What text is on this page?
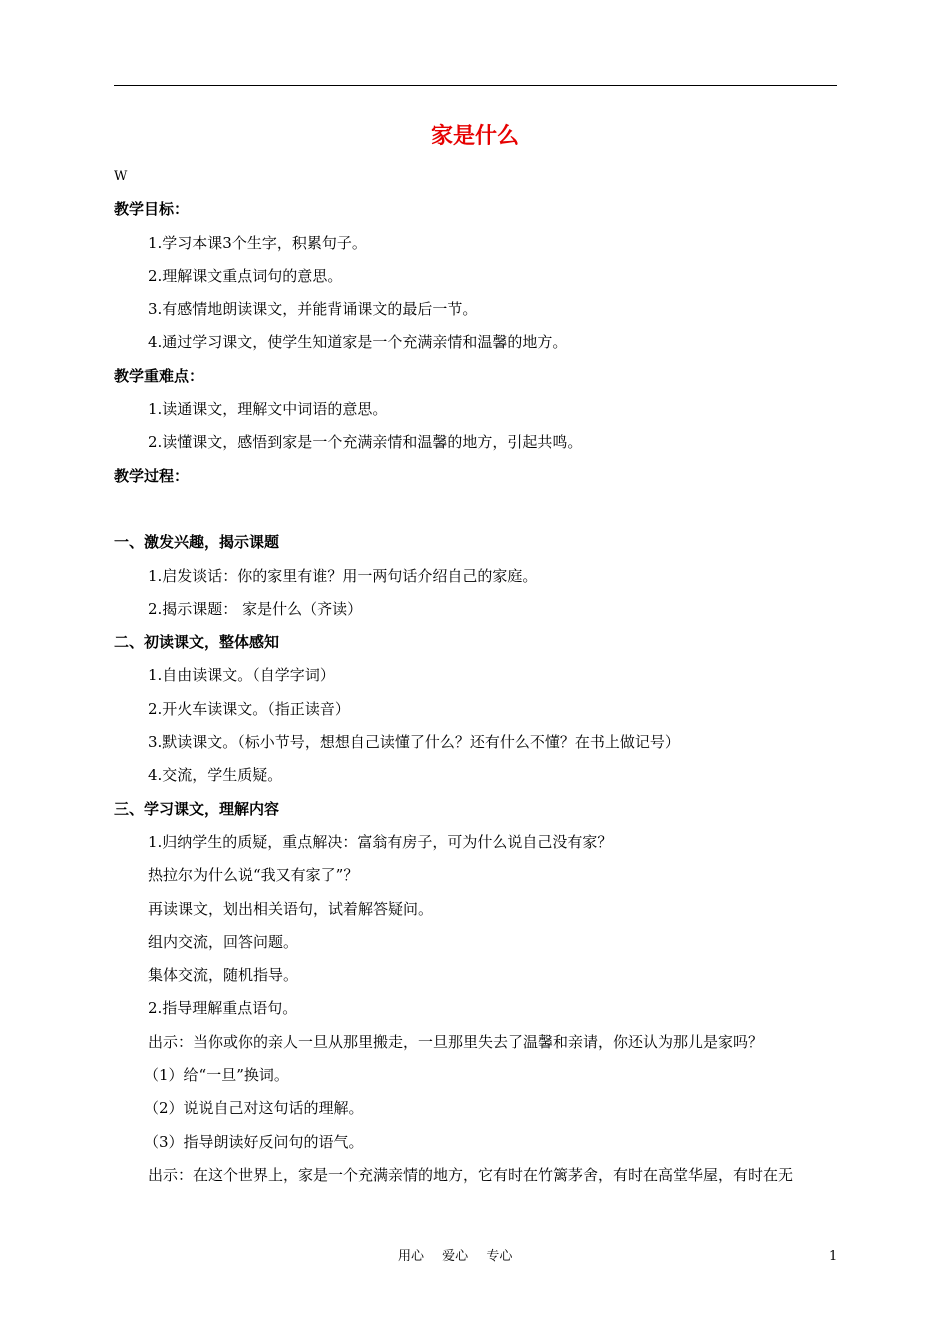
家是什么
W
教学目标：
1.学习本课3个生字，积累句子。
2.理解课文重点词句的意思。
3.有感情地朗读课文，并能背诵课文的最后一节。
4.通过学习课文，使学生知道家是一个充满亲情和温馨的地方。
教学重难点：
1.读通课文，理解文中词语的意思。
2.读懂课文，感悟到家是一个充满亲情和温馨的地方，引起共鸣。
教学过程：
一、激发兴趣，揭示课题
1.启发谈话：你的家里有谁？用一两句话介绍自己的家庭。
2.揭示课题： 家是什么（齐读）
二、初读课文，整体感知
1.自由读课文。（自学字词）
2.开火车读课文。（指正读音）
3.默读课文。（标小节号，想想自己读懂了什么？还有什么不懂？在书上做记号）
4.交流，学生质疑。
三、学习课文，理解内容
1.归纳学生的质疑，重点解决：富翁有房子，可为什么说自己没有家？
热拉尔为什么说“我又有家了”？
再读课文，划出相关语句，试着解答疑问。
组内交流，回答问题。
集体交流，随机指导。
2.指导理解重点语句。
出示：当你或你的亲人一旦从那里搬走，一旦那里失去了温馨和亲请，你还认为那儿是家吗？
（1）给“一旦”换词。
（2）说说自己对这句话的理解。
（3）指导朗读好反问句的语气。
出示：在这个世界上，家是一个充满亲情的地方，它有时在竹篱茅舍，有时在高堂华屋，有时在无
用心 爱心 专心	1
